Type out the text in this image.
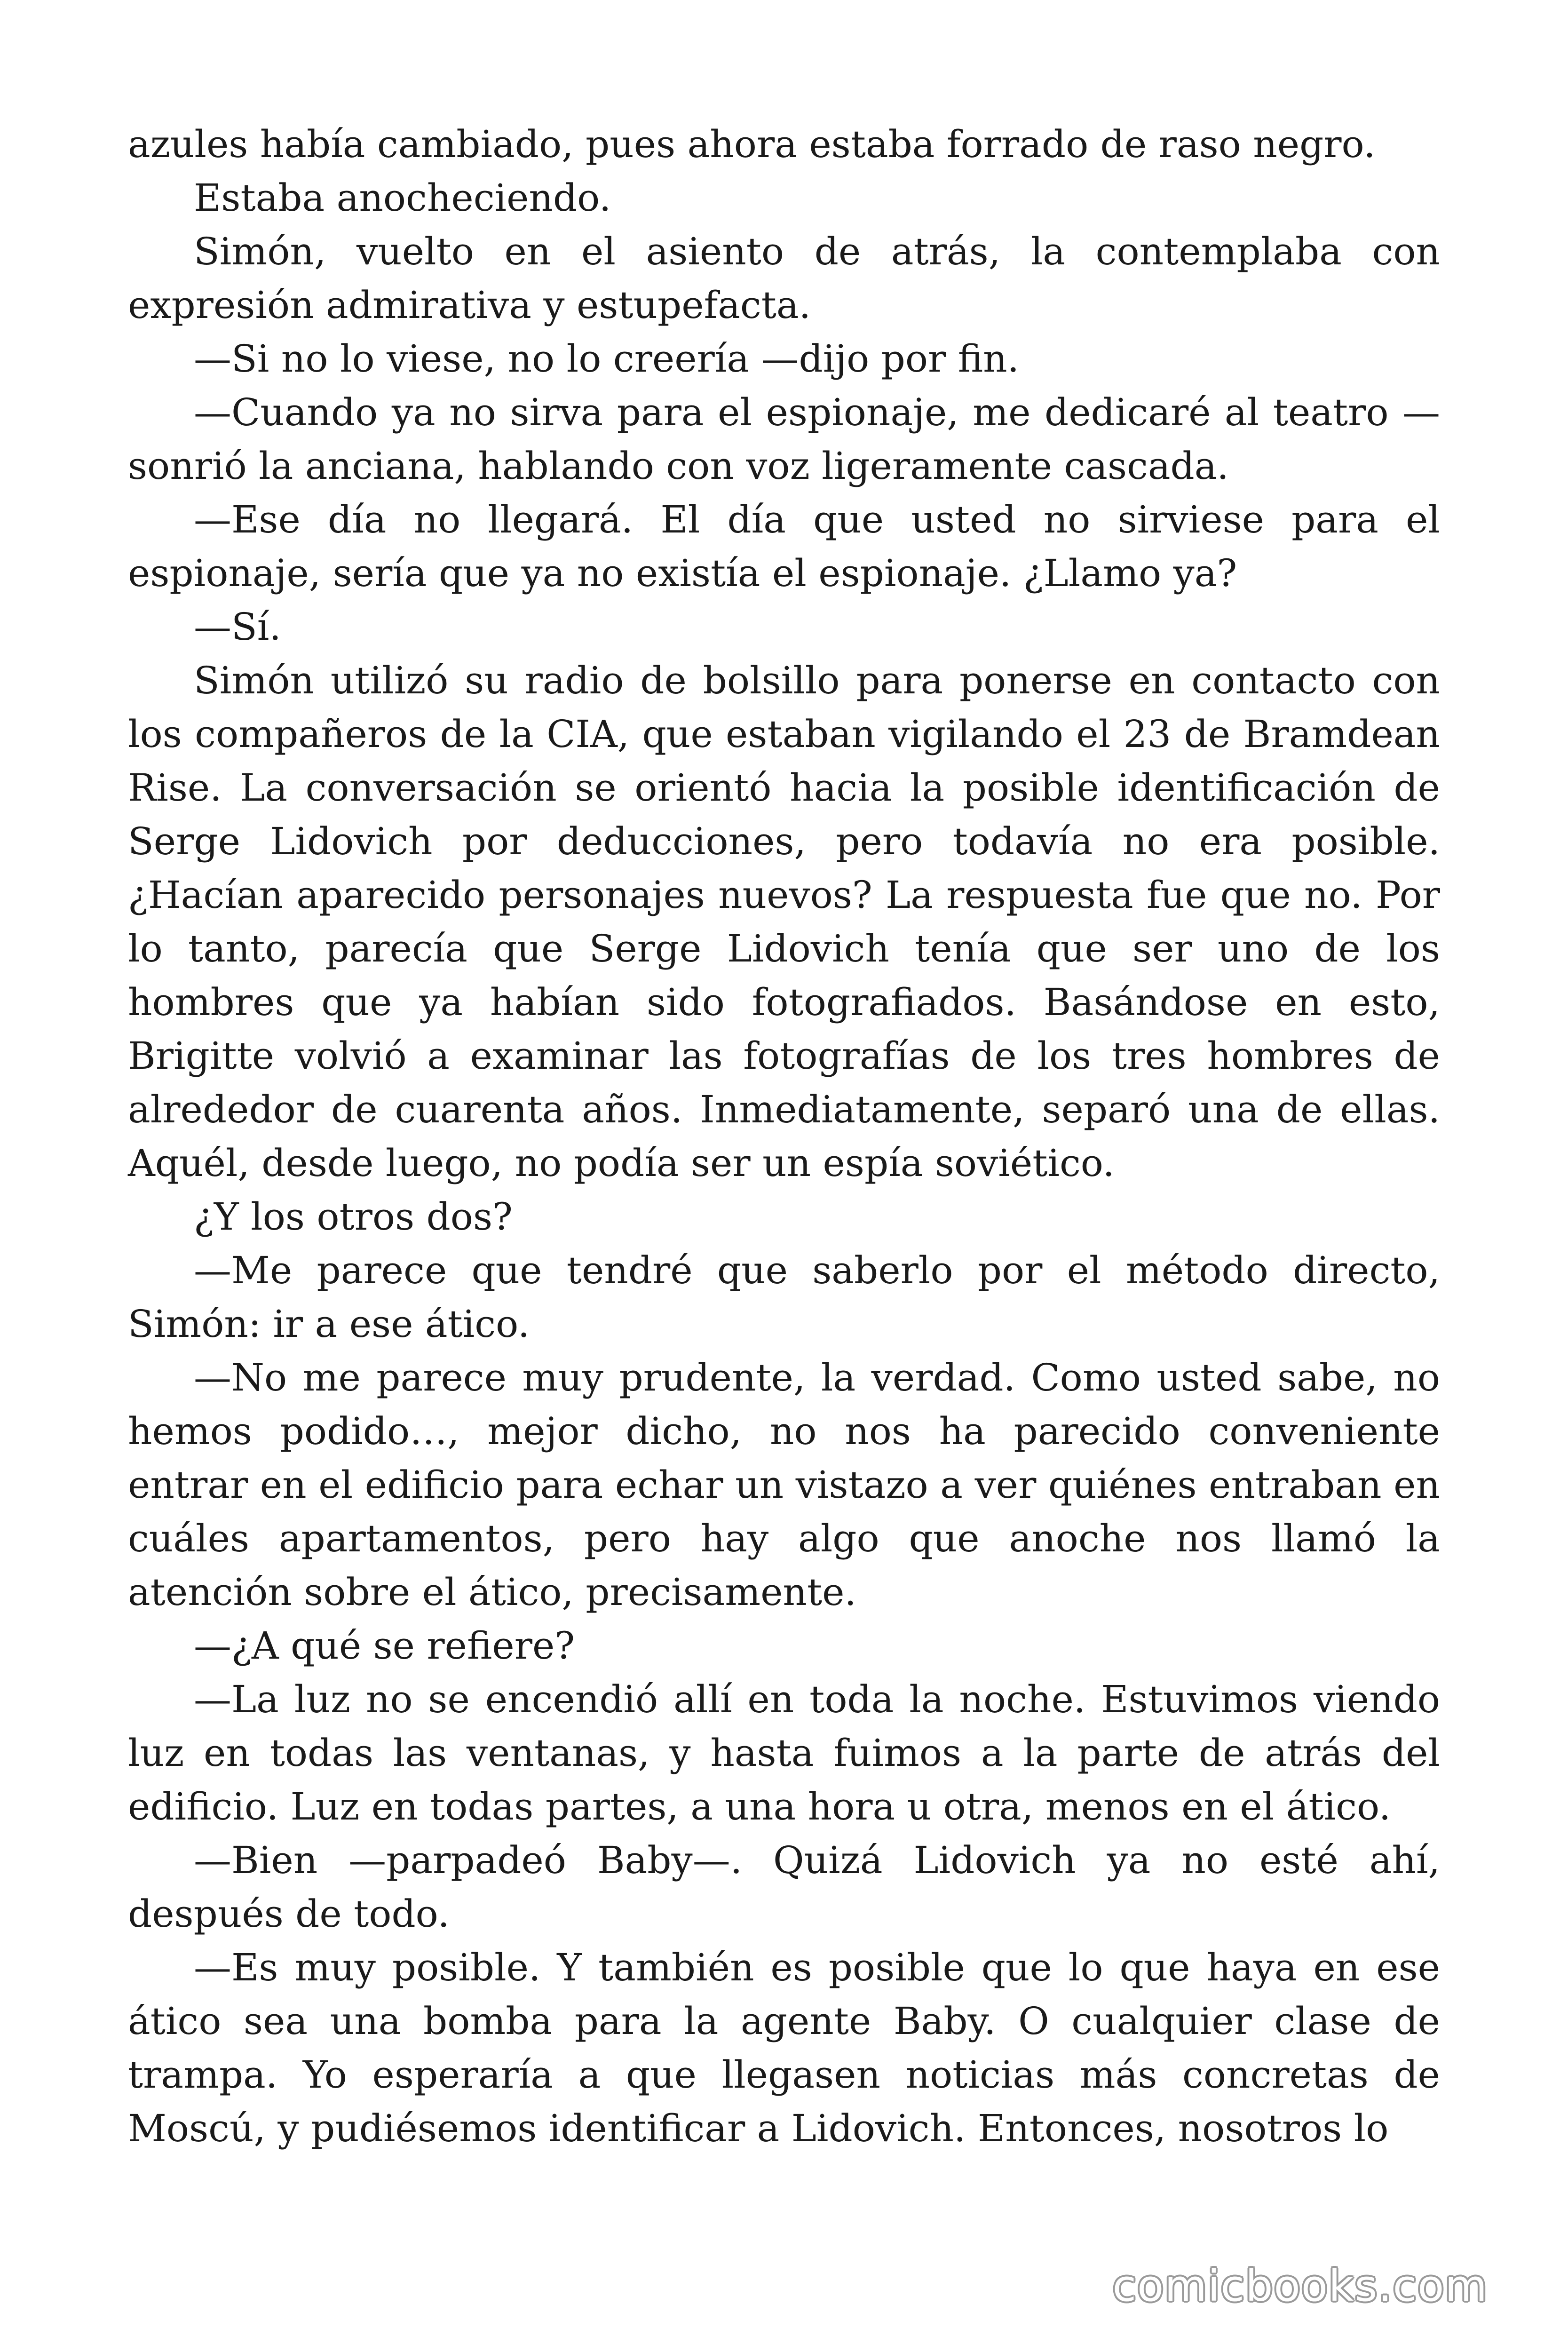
azules había cambiado, pues ahora estaba forrado de raso negro.

Estaba anocheciendo.

Simón, vuelto en el asiento de atrás, la contemplaba con expresión admirativa y estupefacta.

—Si no lo viese, no lo creería —dijo por fin.

—Cuando ya no sirva para el espionaje, me dedicaré al teatro —sonrió la anciana, hablando con voz ligeramente cascada.

—Ese día no llegará. El día que usted no sirviese para el espionaje, sería que ya no existía el espionaje. ¿Llamo ya?

—Sí.

Simón utilizó su radio de bolsillo para ponerse en contacto con los compañeros de la CIA, que estaban vigilando el 23 de Bramdean Rise. La conversación se orientó hacia la posible identificación de Serge Lidovich por deducciones, pero todavía no era posible. ¿Hacían aparecido personajes nuevos? La respuesta fue que no. Por lo tanto, parecía que Serge Lidovich tenía que ser uno de los hombres que ya habían sido fotografiados. Basándose en esto, Brigitte volvió a examinar las fotografías de los tres hombres de alrededor de cuarenta años. Inmediatamente, separó una de ellas. Aquél, desde luego, no podía ser un espía soviético.

¿Y los otros dos?

—Me parece que tendré que saberlo por el método directo, Simón: ir a ese ático.

—No me parece muy prudente, la verdad. Como usted sabe, no hemos podido…, mejor dicho, no nos ha parecido conveniente entrar en el edificio para echar un vistazo a ver quiénes entraban en cuáles apartamentos, pero hay algo que anoche nos llamó la atención sobre el ático, precisamente.

—¿A qué se refiere?

—La luz no se encendió allí en toda la noche. Estuvimos viendo luz en todas las ventanas, y hasta fuimos a la parte de atrás del edificio. Luz en todas partes, a una hora u otra, menos en el ático.

—Bien —parpadeó Baby—. Quizá Lidovich ya no esté ahí, después de todo.

—Es muy posible. Y también es posible que lo que haya en ese ático sea una bomba para la agente Baby. O cualquier clase de trampa. Yo esperaría a que llegasen noticias más concretas de Moscú, y pudiésemos identificar a Lidovich. Entonces, nosotros lo

comicbooks.com
